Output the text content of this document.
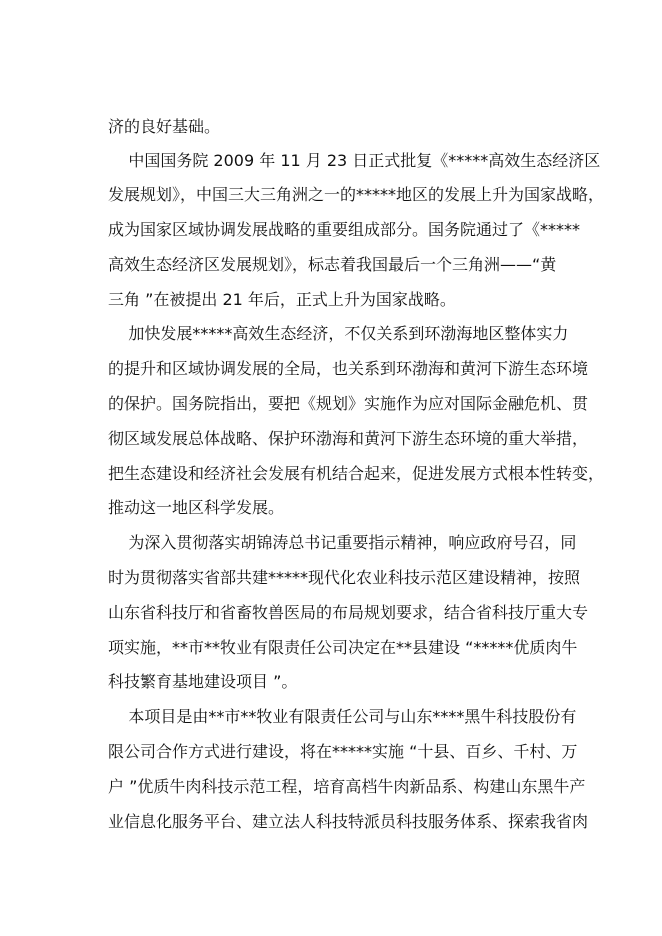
济的良好基础。
中国国务院 2009 年 11 月 23 日正式批复《*****高效生态经济区
发展规划》，中国三大三角洲之一的*****地区的发展上升为国家战略，
成为国家区域协调发展战略的重要组成部分。国务院通过了《*****
高效生态经济区发展规划》，标志着我国最后一个三角洲——“黄
三角 ”在被提出 21 年后，正式上升为国家战略。
加快发展*****高效生态经济，不仅关系到环渤海地区整体实力
的提升和区域协调发展的全局，也关系到环渤海和黄河下游生态环境
的保护。国务院指出，要把《规划》实施作为应对国际金融危机、贯
彻区域发展总体战略、保护环渤海和黄河下游生态环境的重大举措，
把生态建设和经济社会发展有机结合起来，促进发展方式根本性转变，
推动这一地区科学发展。
为深入贯彻落实胡锦涛总书记重要指示精神，响应政府号召，同
时为贯彻落实省部共建*****现代化农业科技示范区建设精神，按照
山东省科技厅和省畜牧兽医局的布局规划要求，结合省科技厅重大专
项实施，**市**牧业有限责任公司决定在**县建设 “*****优质肉牛
科技繁育基地建设项目 ”。
本项目是由**市**牧业有限责任公司与山东****黑牛科技股份有
限公司合作方式进行建设，将在*****实施 “十县、百乡、千村、万
户 ”优质牛肉科技示范工程，培育高档牛肉新品系、构建山东黑牛产
业信息化服务平台、建立法人科技特派员科技服务体系、探索我省肉
